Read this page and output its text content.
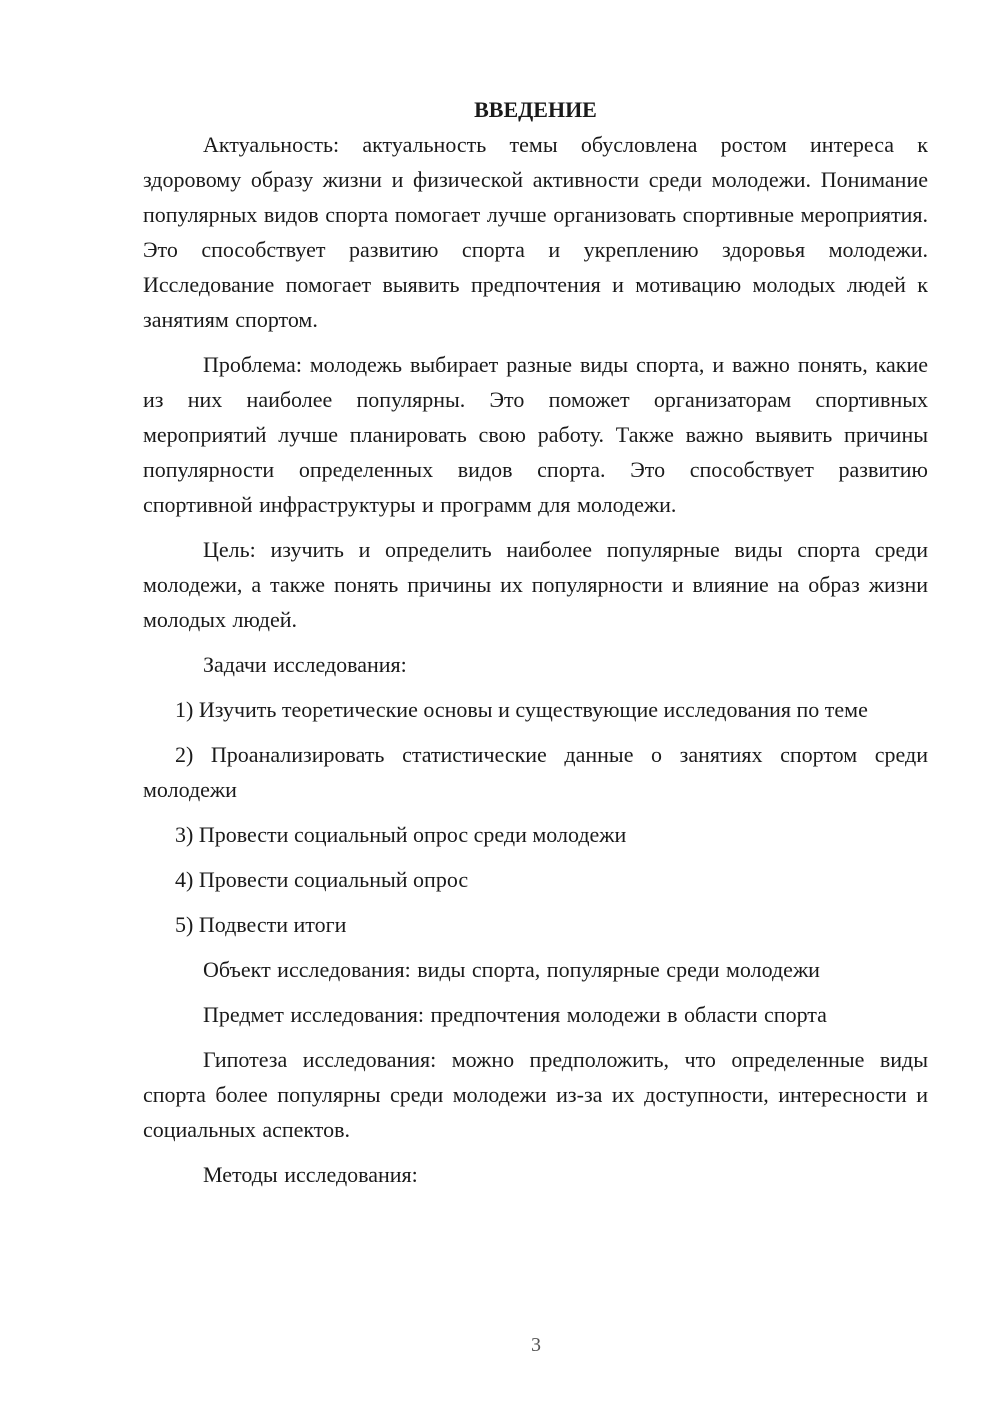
ВВЕДЕНИЕ

Актуальность: актуальность темы обусловлена ростом интереса к здоровому образу жизни и физической активности среди молодежи. Понимание популярных видов спорта помогает лучше организовать спортивные мероприятия. Это способствует развитию спорта и укреплению здоровья молодежи. Исследование помогает выявить предпочтения и мотивацию молодых людей к занятиям спортом.

Проблема: молодежь выбирает разные виды спорта, и важно понять, какие из них наиболее популярны. Это поможет организаторам спортивных мероприятий лучше планировать свою работу. Также важно выявить причины популярности определенных видов спорта. Это способствует развитию спортивной инфраструктуры и программ для молодежи.

Цель: изучить и определить наиболее популярные виды спорта среди молодежи, а также понять причины их популярности и влияние на образ жизни молодых людей.

Задачи исследования:

1) Изучить теоретические основы и существующие исследования по теме

2) Проанализировать статистические данные о занятиях спортом среди молодежи

3) Провести социальный опрос среди молодежи

4) Провести социальный опрос

5) Подвести итоги

Объект исследования: виды спорта, популярные среди молодежи

Предмет исследования: предпочтения молодежи в области спорта

Гипотеза исследования: можно предположить, что определенные виды спорта более популярны среди молодежи из-за их доступности, интересности и социальных аспектов.

Методы исследования:

3
